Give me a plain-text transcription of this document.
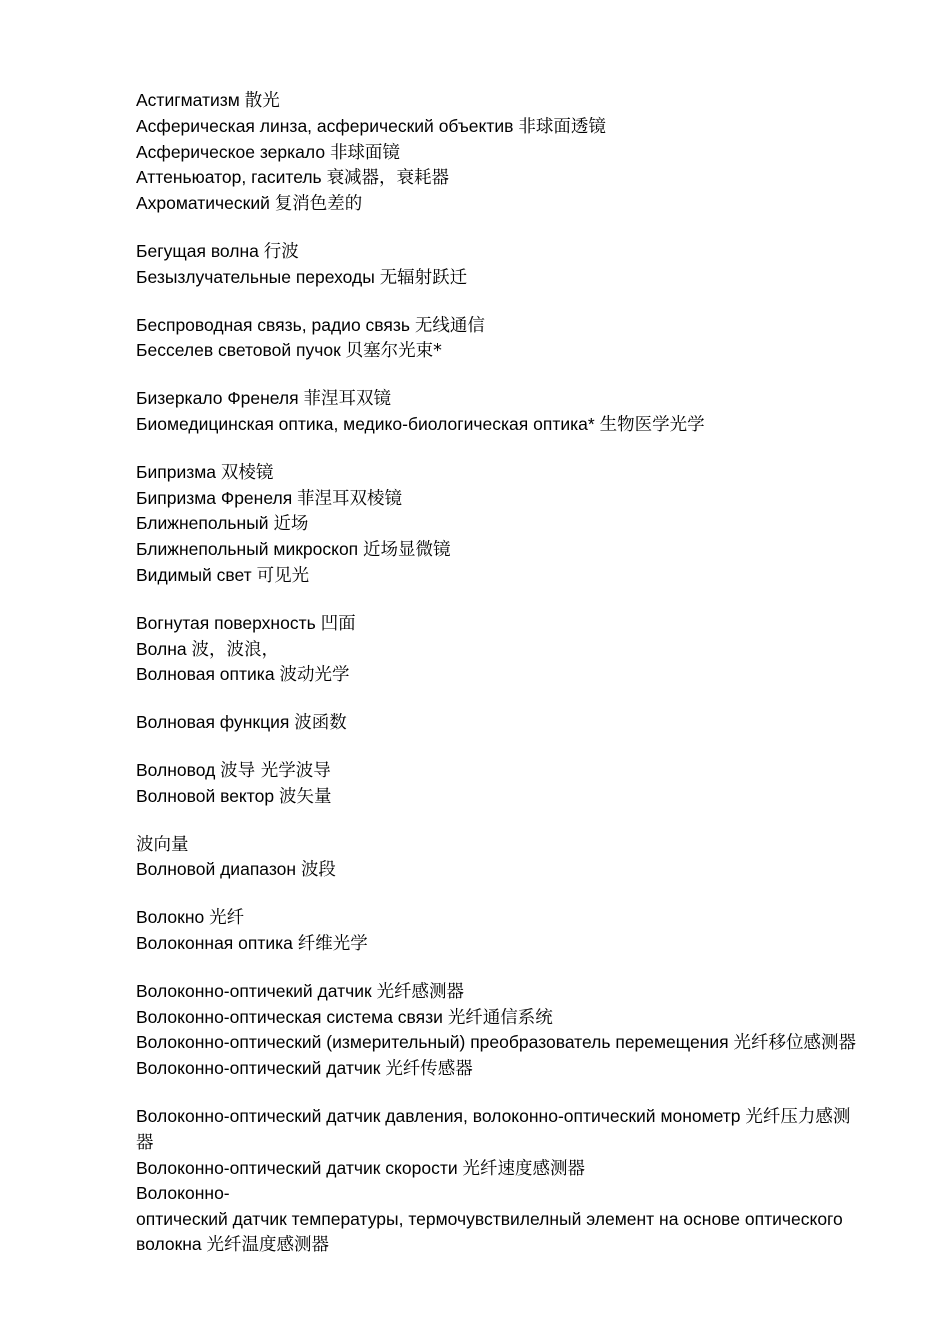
Астигматизм 散光
Асферическая линза, асферический объектив 非球面透镜
Асферическое зеркало 非球面镜
Аттеньюатор, гаситель 衰减器，衰耗器
Ахроматический 复消色差的
Бегущая волна 行波
Безызлучательные переходы 无辐射跃迁
Беспроводная связь, радио связь 无线通信
Бесселев световой пучок 贝塞尔光束*
Бизеркало Френеля 菲涅耳双镜
Биомедицинская оптика, медико-биологическая оптика* 生物医学光学
Бипризма 双棱镜
Бипризма Френеля 菲涅耳双棱镜
Ближнепольный 近场
Ближнепольный микроскоп 近场显微镜
Видимый свет 可见光
Вогнутая поверхность 凹面
Волна 波，波浪，
Волновая оптика 波动光学
Волновая функция 波函数
Волновод 波导 光学波导
Волновой вектор 波矢量
波向量
Волновой диапазон 波段
Волокно 光纤
Волоконная оптика 纤维光学
Волоконно-оптичекий датчик 光纤感测器
Волоконно-оптическая система связи 光纤通信系统
Волоконно-оптический (измерительный) преобразователь перемещения 光纤移位感测器
Волоконно-оптический датчик 光纤传感器
Волоконно-оптический датчик давления, волоконно-оптический монометр 光纤压力感测器
Волоконно-оптический датчик скорости 光纤速度感测器
Волоконно-
оптический датчик температуры, термочувствилелный элемент на основе оптического волокна 光纤温度感测器
